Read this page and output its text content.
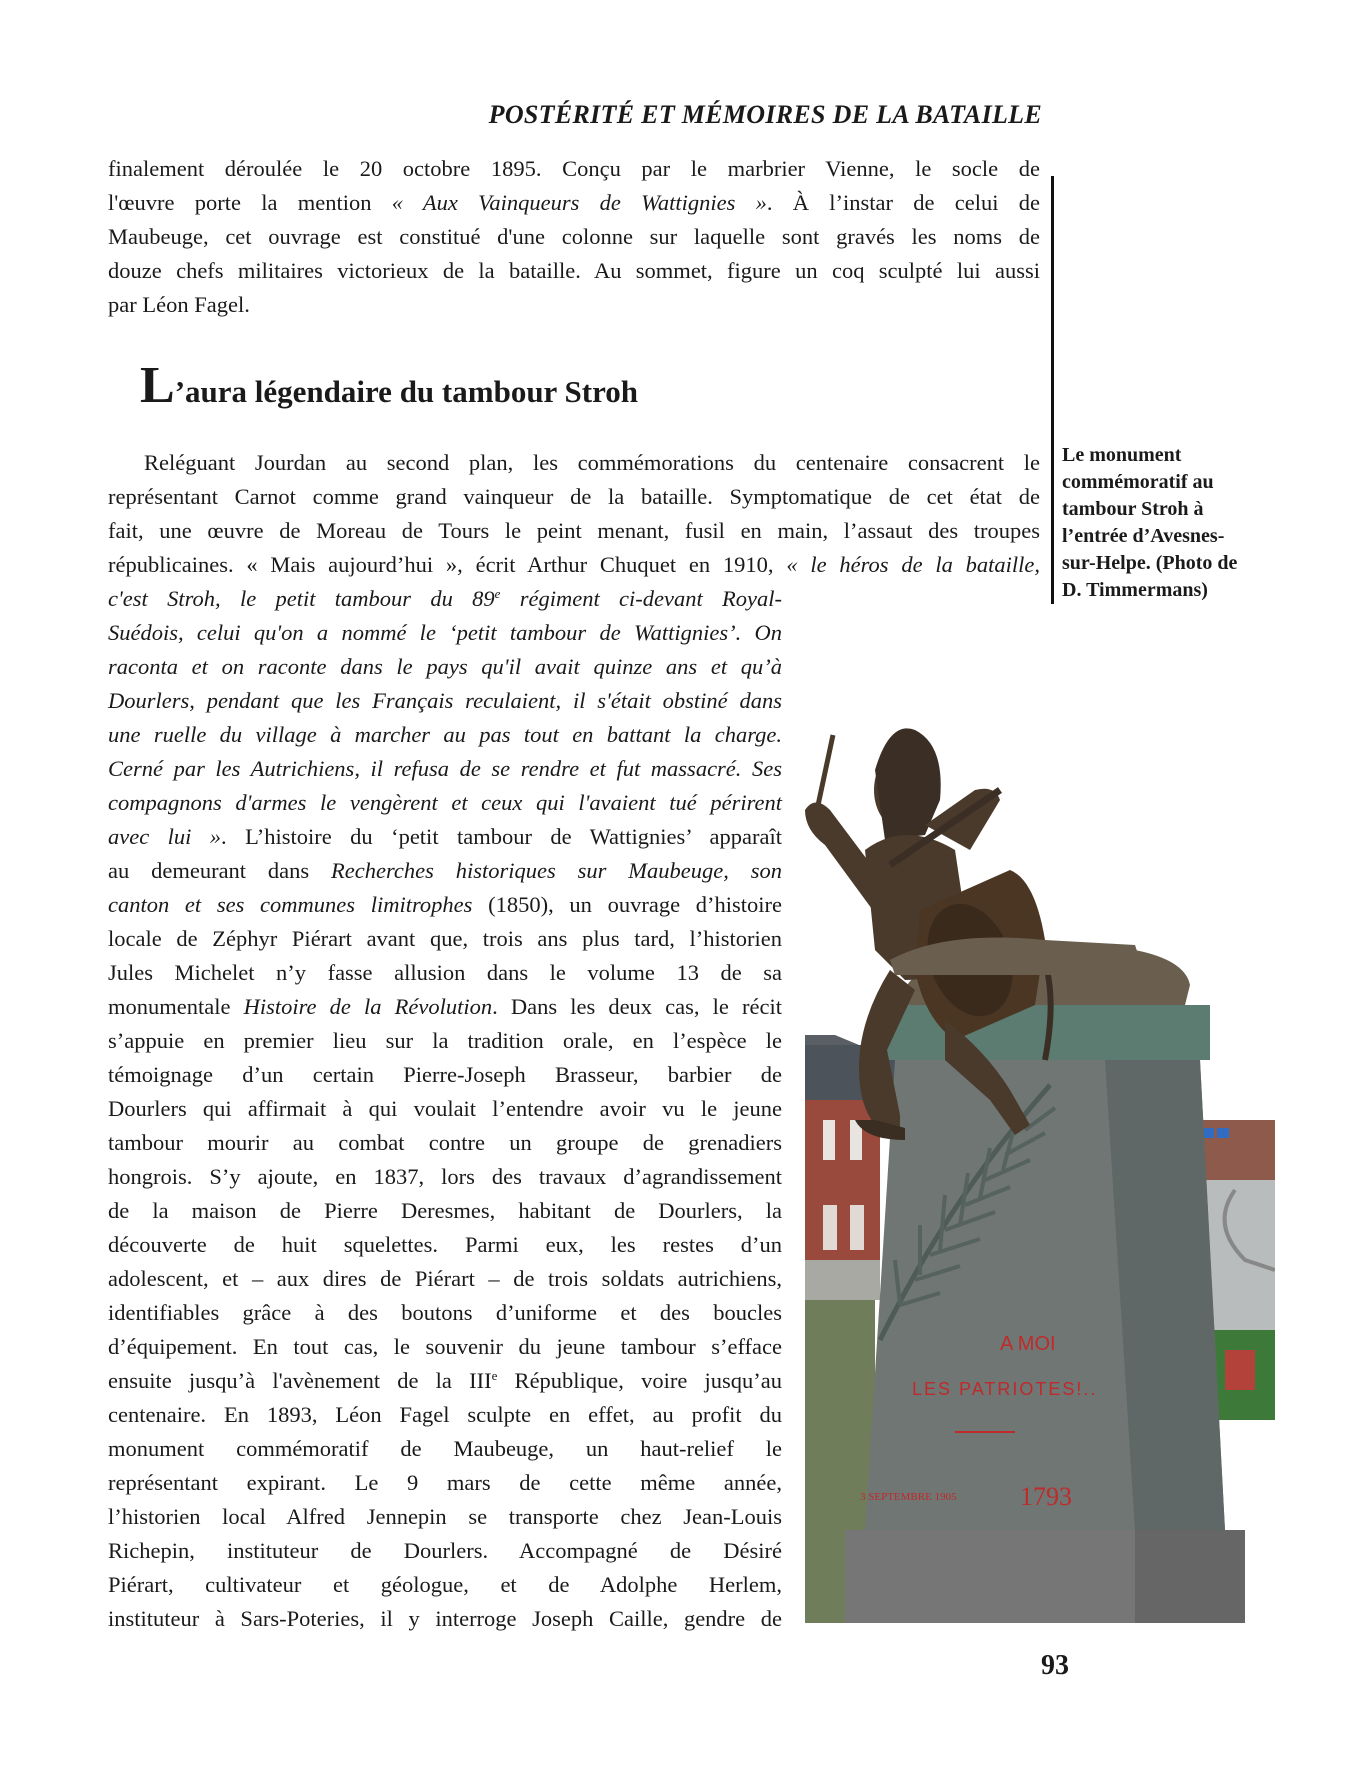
POSTÉRITÉ ET MÉMOIRES DE LA BATAILLE
finalement déroulée le 20 octobre 1895. Conçu par le marbrier Vienne, le socle de
l'œuvre porte la mention « Aux Vainqueurs de Wattignies ». À l’instar de celui de
Maubeuge, cet ouvrage est constitué d'une colonne sur laquelle sont gravés les noms de
douze chefs militaires victorieux de la bataille. Au sommet, figure un coq sculpté lui aussi
par Léon Fagel.
L’aura légendaire du tambour Stroh
Le monument
commémoratif au
tambour Stroh à
l’entrée d’Avesnes-
sur-Helpe. (Photo de
D. Timmermans)
Reléguant Jourdan au second plan, les commémorations du centenaire consacrent le
représentant Carnot comme grand vainqueur de la bataille. Symptomatique de cet état de
fait, une œuvre de Moreau de Tours le peint menant, fusil en main, l’assaut des troupes
républicaines. « Mais aujourd’hui », écrit Arthur Chuquet en 1910, « le héros de la bataille,
c'est Stroh, le petit tambour du 89e régiment ci-devant Royal-
Suédois, celui qu'on a nommé le ‘petit tambour de Wattignies’. On
raconta et on raconte dans le pays qu'il avait quinze ans et qu’à
Dourlers, pendant que les Français reculaient, il s'était obstiné dans
une ruelle du village à marcher au pas tout en battant la charge.
Cerné par les Autrichiens, il refusa de se rendre et fut massacré. Ses
compagnons d'armes le vengèrent et ceux qui l'avaient tué périrent
avec lui ». L’histoire du ‘petit tambour de Wattignies’ apparaît
au demeurant dans Recherches historiques sur Maubeuge, son
canton et ses communes limitrophes (1850), un ouvrage d’histoire
locale de Zéphyr Piérart avant que, trois ans plus tard, l’historien
Jules Michelet n’y fasse allusion dans le volume 13 de sa
monumentale Histoire de la Révolution. Dans les deux cas, le récit
s’appuie en premier lieu sur la tradition orale, en l’espèce le
témoignage d’un certain Pierre-Joseph Brasseur, barbier de
Dourlers qui affirmait à qui voulait l’entendre avoir vu le jeune
tambour mourir au combat contre un groupe de grenadiers
hongrois. S’y ajoute, en 1837, lors des travaux d’agrandissement
de la maison de Pierre Deresmes, habitant de Dourlers, la
découverte de huit squelettes. Parmi eux, les restes d’un
adolescent, et – aux dires de Piérart – de trois soldats autrichiens,
identifiables grâce à des boutons d’uniforme et des boucles
d’équipement. En tout cas, le souvenir du jeune tambour s’efface
ensuite jusqu’à l'avènement de la IIIe République, voire jusqu’au
centenaire. En 1893, Léon Fagel sculpte en effet, au profit du
monument commémoratif de Maubeuge, un haut-relief le
représentant expirant. Le 9 mars de cette même année,
l’historien local Alfred Jennepin se transporte chez Jean-Louis
Richepin, instituteur de Dourlers. Accompagné de Désiré
Piérart, cultivateur et géologue, et de Adolphe Herlem,
instituteur à Sars-Poteries, il y interroge Joseph Caille, gendre de
A MOI
LES PATRIOTES!..
3 SEPTEMBRE 1905 1793
93
